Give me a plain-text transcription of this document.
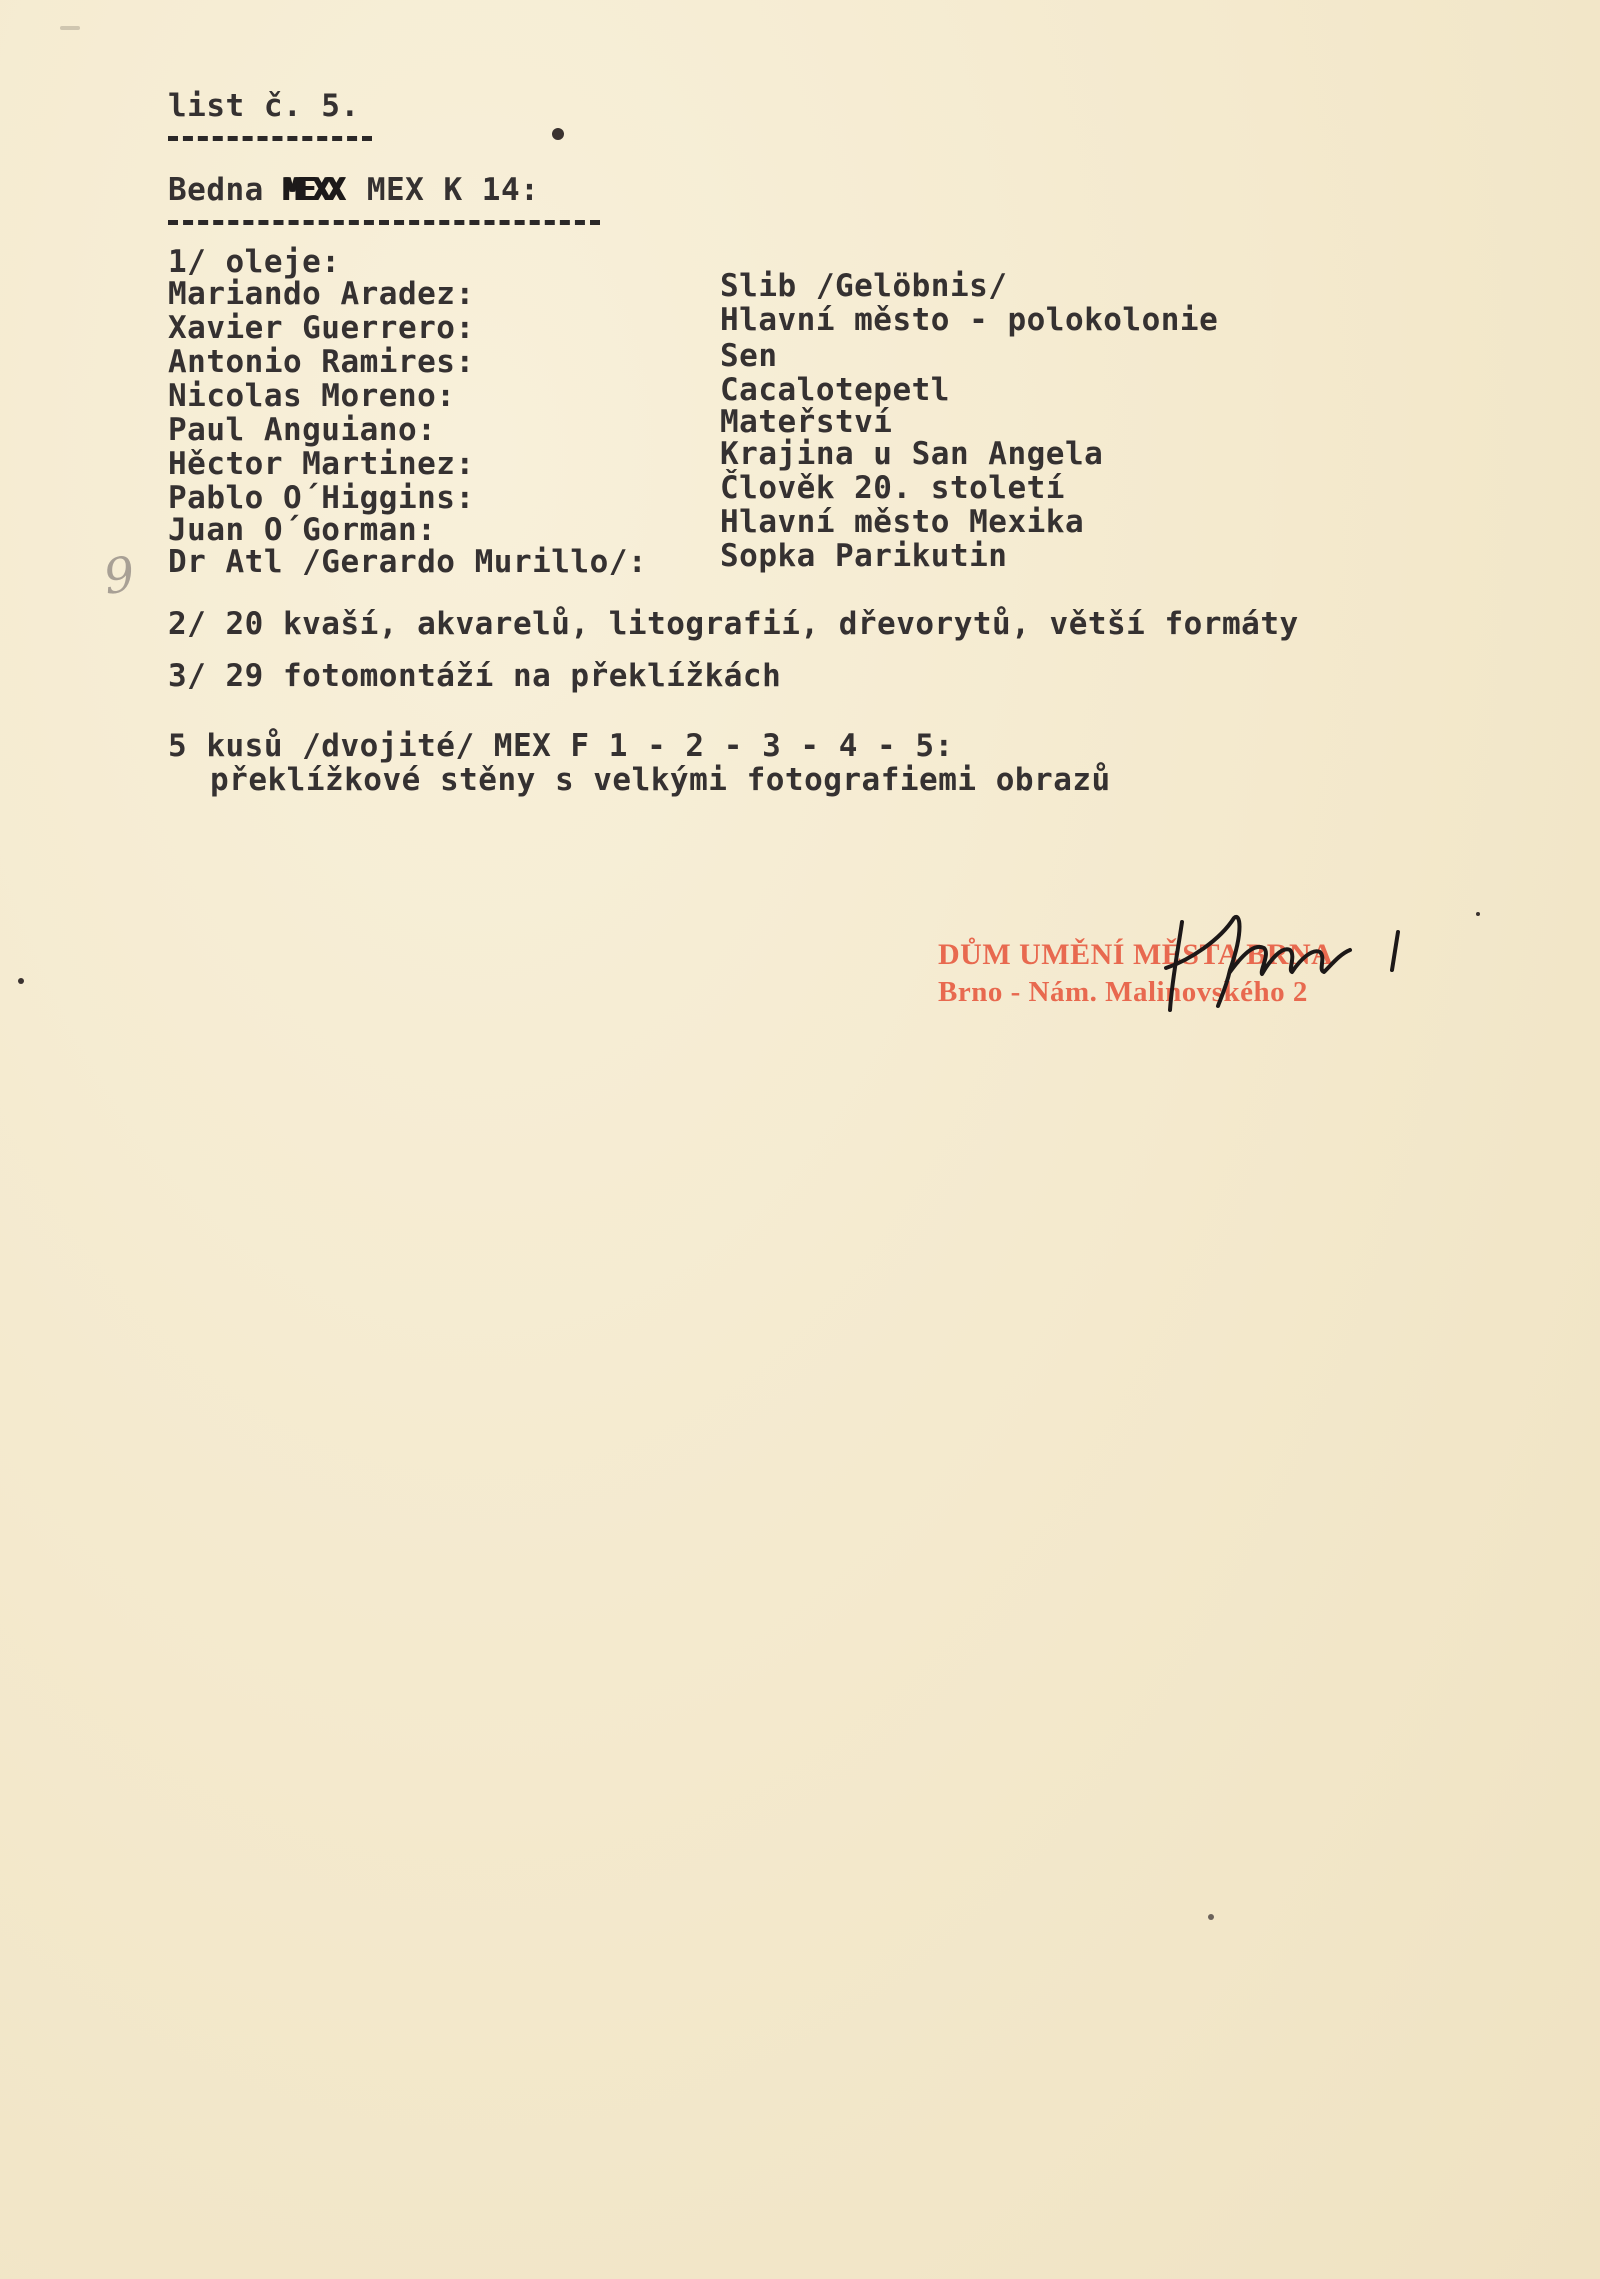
list č. 5.
Bedna MEXX MEX K 14:
1/ oleje:
Mariando Aradez:	Slib /Gelöbnis/
Xavier Guerrero:	Hlavní město - polokolonie
Antonio Ramires:	Sen
Nicolas Moreno:	Cacalotepetl
Paul Anguiano:	Mateřství
Hěctor Martinez:	Krajina u San Angela
Pablo O´Higgins:	Člověk 20. století
Juan O´Gorman:	Hlavní město Mexika
Dr Atl /Gerardo Murillo/: Sopka Parikutin
9
2/ 20 kvaší, akvarelů, litografií, dřevorytů, větší formáty
3/ 29 fotomontáží na překlížkách
5 kusů /dvojité/ MEX F 1 - 2 - 3 - 4 - 5:
překlížkové stěny s velkými fotografiemi obrazů
DŮM UMĚNÍ MĚSTA BRNA
Brno - Nám. Malinovského 2
